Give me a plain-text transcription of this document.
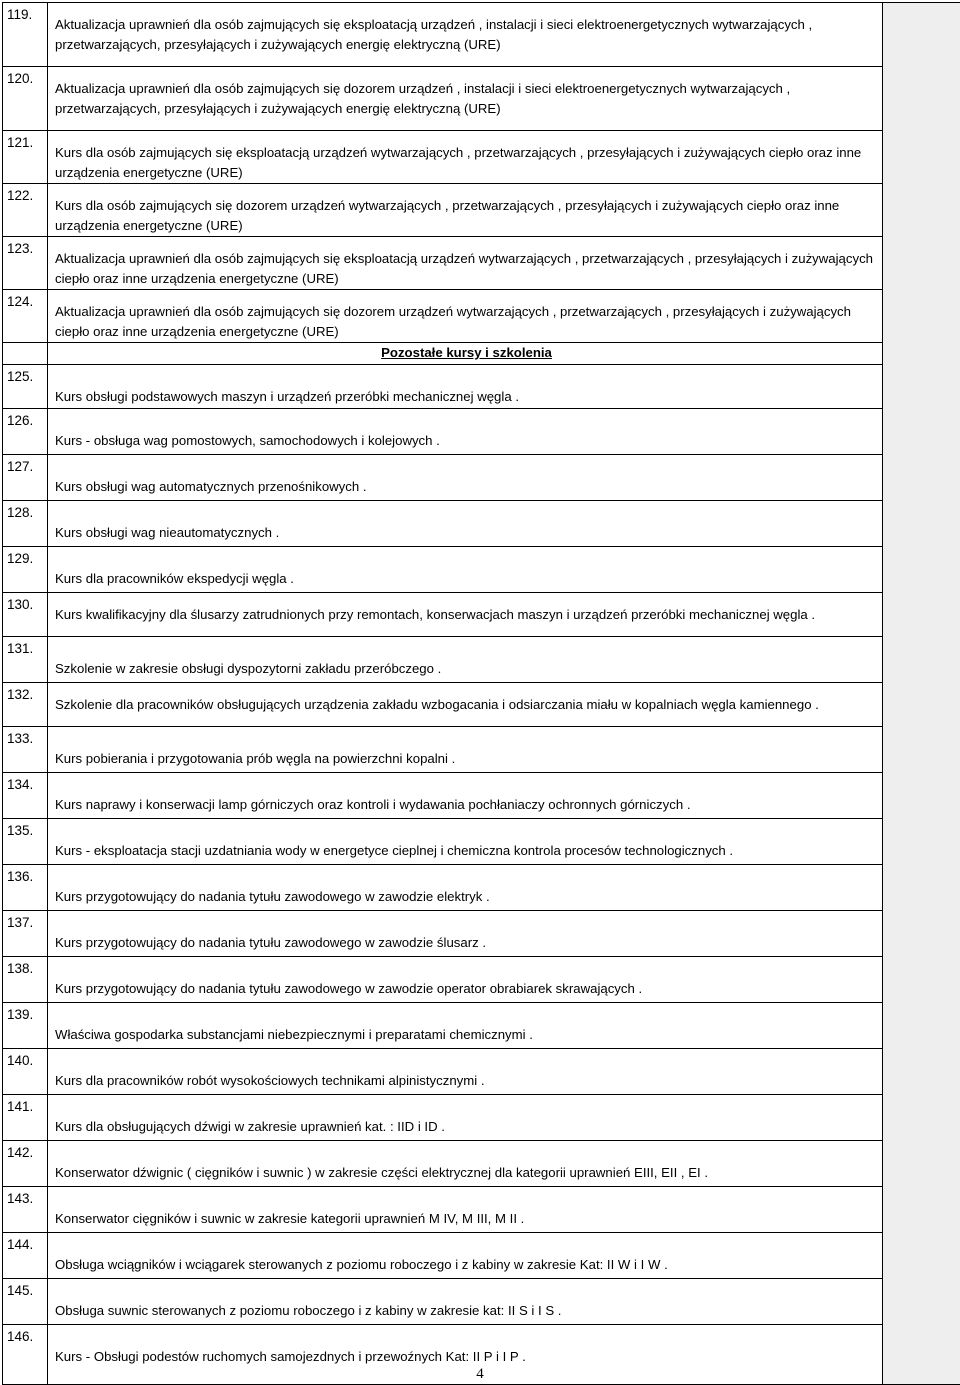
119.	Aktualizacja uprawnień dla osób zajmujących się eksploatacją urządzeń , instalacji i sieci elektroenergetycznych wytwarzających , przetwarzających, przesyłających i zużywających energię elektryczną (URE)	
120.	Aktualizacja uprawnień dla osób zajmujących się dozorem urządzeń , instalacji i sieci elektroenergetycznych wytwarzających , przetwarzających, przesyłających i zużywających energię elektryczną (URE)	
121.	Kurs dla osób zajmujących się eksploatacją urządzeń wytwarzających , przetwarzających , przesyłających i zużywających ciepło oraz inne urządzenia energetyczne (URE)	
122.	Kurs dla osób zajmujących się dozorem urządzeń wytwarzających , przetwarzających , przesyłających i zużywających ciepło oraz inne urządzenia energetyczne (URE)	
123.	Aktualizacja uprawnień dla osób zajmujących się eksploatacją urządzeń wytwarzających , przetwarzających , przesyłających i zużywających ciepło oraz inne urządzenia energetyczne (URE)	
124.	Aktualizacja uprawnień dla osób zajmujących się dozorem urządzeń wytwarzających , przetwarzających , przesyłających i zużywających ciepło oraz inne urządzenia energetyczne (URE)	
	Pozostałe kursy i szkolenia	
125.	Kurs obsługi podstawowych maszyn i urządzeń przeróbki mechanicznej węgla .	
126.	Kurs - obsługa wag pomostowych, samochodowych i kolejowych .	
127.	Kurs obsługi wag automatycznych przenośnikowych .	
128.	Kurs obsługi wag nieautomatycznych .	
129.	Kurs dla pracowników ekspedycji węgla .	
130.	Kurs kwalifikacyjny dla ślusarzy zatrudnionych przy remontach, konserwacjach maszyn i urządzeń przeróbki mechanicznej węgla .	
131.	Szkolenie w zakresie obsługi dyspozytorni zakładu przeróbczego .	
132.	Szkolenie dla pracowników obsługujących urządzenia zakładu wzbogacania i odsiarczania miału w kopalniach węgla kamiennego .	
133.	Kurs pobierania i przygotowania prób węgla na powierzchni kopalni .	
134.	Kurs naprawy i konserwacji lamp górniczych oraz kontroli i wydawania pochłaniaczy ochronnych górniczych .	
135.	Kurs - eksploatacja stacji uzdatniania wody w energetyce cieplnej i chemiczna kontrola procesów technologicznych .	
136.	Kurs przygotowujący do nadania tytułu zawodowego w zawodzie elektryk .	
137.	Kurs przygotowujący do nadania tytułu zawodowego w zawodzie ślusarz .	
138.	Kurs przygotowujący do nadania tytułu zawodowego w zawodzie operator obrabiarek skrawających .	
139.	Właściwa gospodarka substancjami niebezpiecznymi i preparatami chemicznymi .	
140.	Kurs dla pracowników robót wysokościowych technikami alpinistycznymi .	
141.	Kurs dla obsługujących dźwigi w zakresie uprawnień kat. : IID i ID .	
142.	Konserwator dźwignic ( cięgników i suwnic ) w zakresie części elektrycznej dla kategorii uprawnień EIII, EII , EI .	
143.	Konserwator cięgników i suwnic w zakresie kategorii uprawnień M IV, M III, M II .	
144.	Obsługa wciągników i wciągarek sterowanych z poziomu roboczego i z kabiny w zakresie Kat: II W i I W .	
145.	Obsługa suwnic sterowanych z poziomu roboczego i z kabiny w zakresie kat: II S i I S .	
146.	Kurs - Obsługi podestów ruchomych samojezdnych i przewoźnych Kat: II P i I P .	
4
